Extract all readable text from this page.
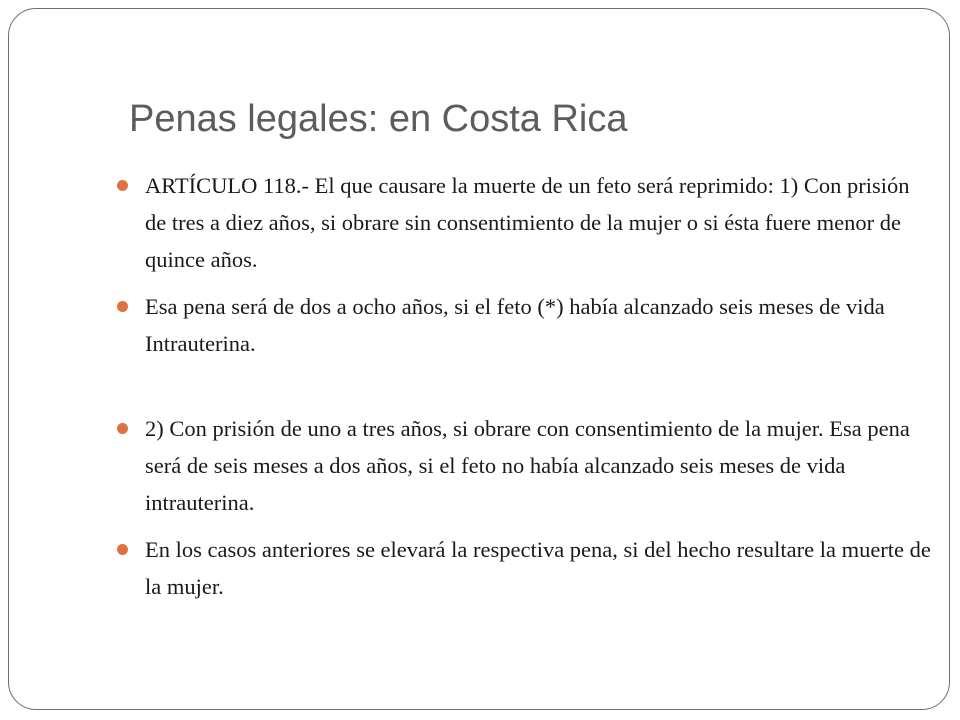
Penas legales: en Costa Rica
ARTÍCULO 118.- El que causare la muerte de un feto será reprimido: 1) Con prisión de tres a diez años, si obrare sin consentimiento de la mujer o si ésta fuere menor de quince años.
Esa pena será de dos a ocho años, si el feto (*) había alcanzado seis meses de vida Intrauterina.
2) Con prisión de uno a tres años, si obrare con consentimiento de la mujer. Esa pena será de seis meses a dos años, si el feto no había alcanzado seis meses de vida intrauterina.
En los casos anteriores se elevará la respectiva pena, si del hecho resultare la muerte de la mujer.
